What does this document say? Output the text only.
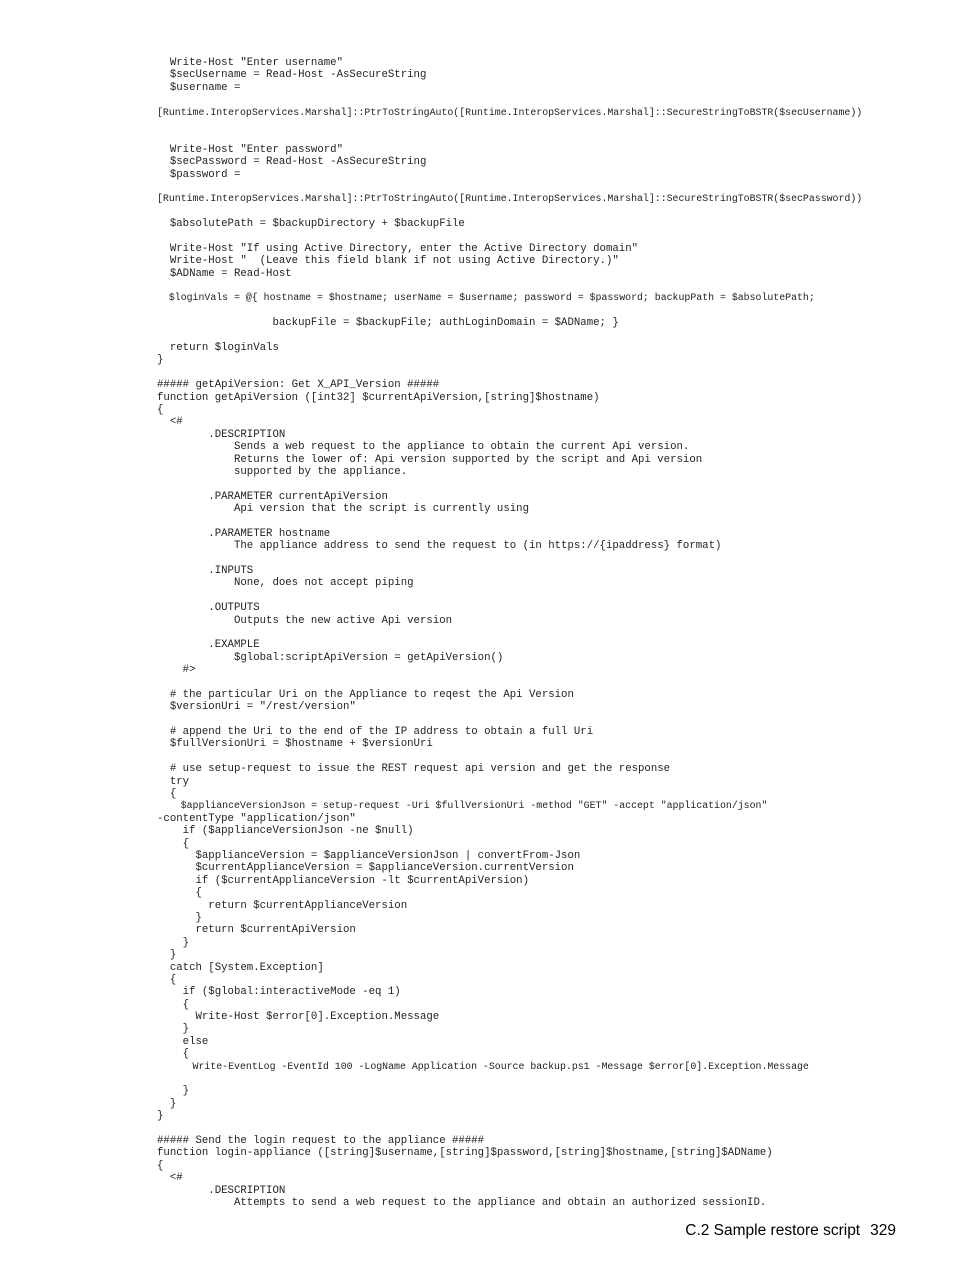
Write-Host "Enter username"
$secUsername = Read-Host -AsSecureString
$username =
[Runtime.InteropServices.Marshal]::PtrToStringAuto([Runtime.InteropServices.Marshal]::SecureStringToBSTR($secUsername))
Write-Host "Enter password"
$secPassword = Read-Host -AsSecureString
$password =
[Runtime.InteropServices.Marshal]::PtrToStringAuto([Runtime.InteropServices.Marshal]::SecureStringToBSTR($secPassword))
$absolutePath = $backupDirectory + $backupFile
Write-Host "If using Active Directory, enter the Active Directory domain"
Write-Host "  (Leave this field blank if not using Active Directory.)"
$ADName = Read-Host
$loginVals = @{ hostname = $hostname; userName = $username; password = $password; backupPath = $absolutePath;
backupFile = $backupFile; authLoginDomain = $ADName; }
return $loginVals
}
##### getApiVersion: Get X_API_Version #####
function getApiVersion ([int32] $currentApiVersion,[string]$hostname)
{
<#
.DESCRIPTION
Sends a web request to the appliance to obtain the current Api version.
Returns the lower of: Api version supported by the script and Api version
supported by the appliance.
.PARAMETER currentApiVersion
Api version that the script is currently using
.PARAMETER hostname
The appliance address to send the request to (in https://{ipaddress} format)
.INPUTS
None, does not accept piping
.OUTPUTS
Outputs the new active Api version
.EXAMPLE
$global:scriptApiVersion = getApiVersion()
#>
# the particular Uri on the Appliance to reqest the Api Version
$versionUri = "/rest/version"
# append the Uri to the end of the IP address to obtain a full Uri
$fullVersionUri = $hostname + $versionUri
# use setup-request to issue the REST request api version and get the response
try
{
$applianceVersionJson = setup-request -Uri $fullVersionUri -method "GET" -accept "application/json"
-contentType "application/json"
if ($applianceVersionJson -ne $null)
{
$applianceVersion = $applianceVersionJson | convertFrom-Json
$currentApplianceVersion = $applianceVersion.currentVersion
if ($currentApplianceVersion -lt $currentApiVersion)
{
return $currentApplianceVersion
}
return $currentApiVersion
}
}
catch [System.Exception]
{
if ($global:interactiveMode -eq 1)
{
Write-Host $error[0].Exception.Message
}
else
{
Write-EventLog -EventId 100 -LogName Application -Source backup.ps1 -Message $error[0].Exception.Message
}
}
}
##### Send the login request to the appliance #####
function login-appliance ([string]$username,[string]$password,[string]$hostname,[string]$ADName)
{
<#
.DESCRIPTION
Attempts to send a web request to the appliance and obtain an authorized sessionID.
C.2 Sample restore script 329
